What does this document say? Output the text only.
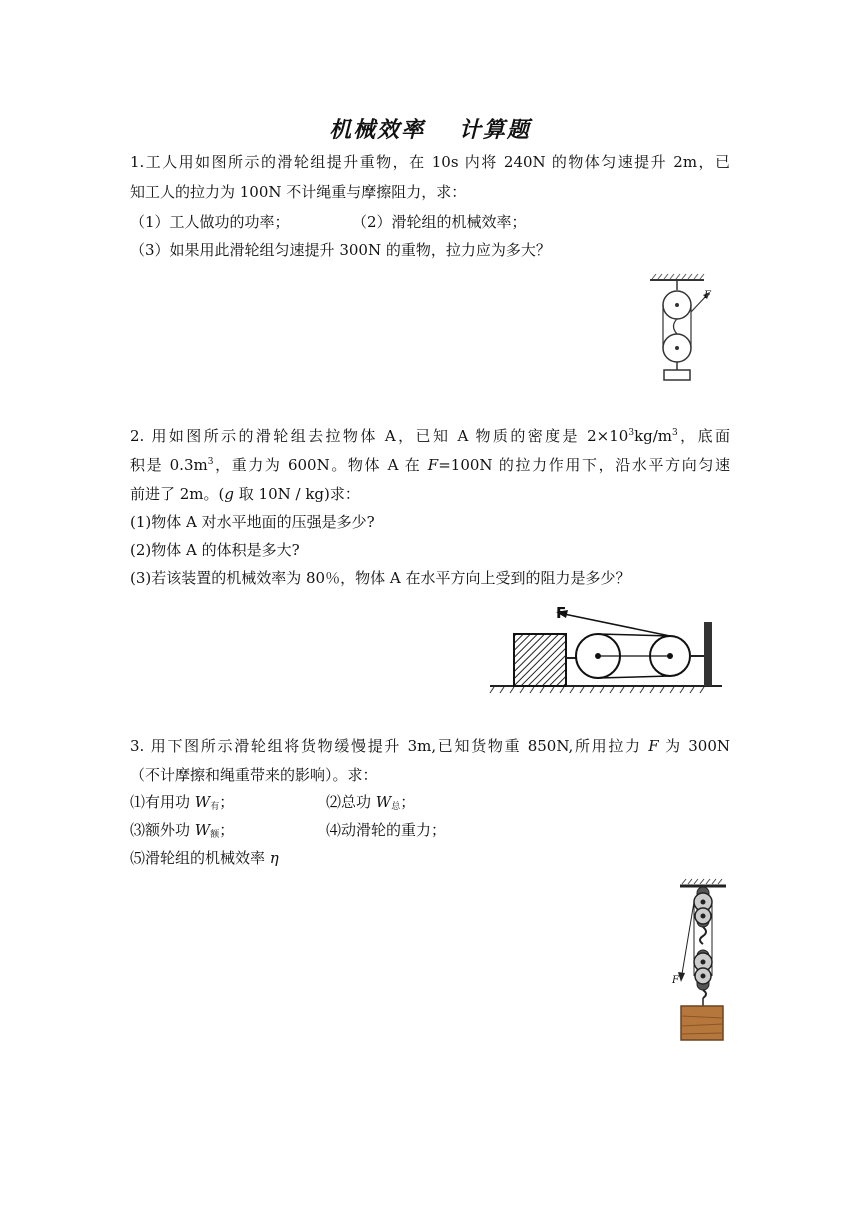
机械效率　 计算题
1.工人用如图所示的滑轮组提升重物，在 10s 内将 240N 的物体匀速提升 2m，已
知工人的拉力为 100N 不计绳重与摩擦阻力，求：
（1）工人做功的功率；	（2）滑轮组的机械效率；
（3）如果用此滑轮组匀速提升 300N 的重物，拉力应为多大？
F
2. 用如图所示的滑轮组去拉物体 A，已知 A 物质的密度是 $2\times 10^3kg/m^3$，底面
积是 $0.3m^3$，重力为 600N。物体 A 在 F=100N 的拉力作用下，沿水平方向匀速
前进了 2m。(g 取 10N / kg)求：
(1)物体 A 对水平地面的压强是多少?
(2)物体 A 的体积是多大?
(3)若该装置的机械效率为 80％，物体 A 在水平方向上受到的阻力是多少？
F
3. 用下图所示滑轮组将货物缓慢提升 3m,已知货物重 850N,所用拉力 F 为 300N
（不计摩擦和绳重带来的影响）。求：
⑴有用功 $W_有$；	⑵总功 $W_总$；
⑶额外功 $W_额$；	⑷动滑轮的重力；
⑸滑轮组的机械效率 η
F
